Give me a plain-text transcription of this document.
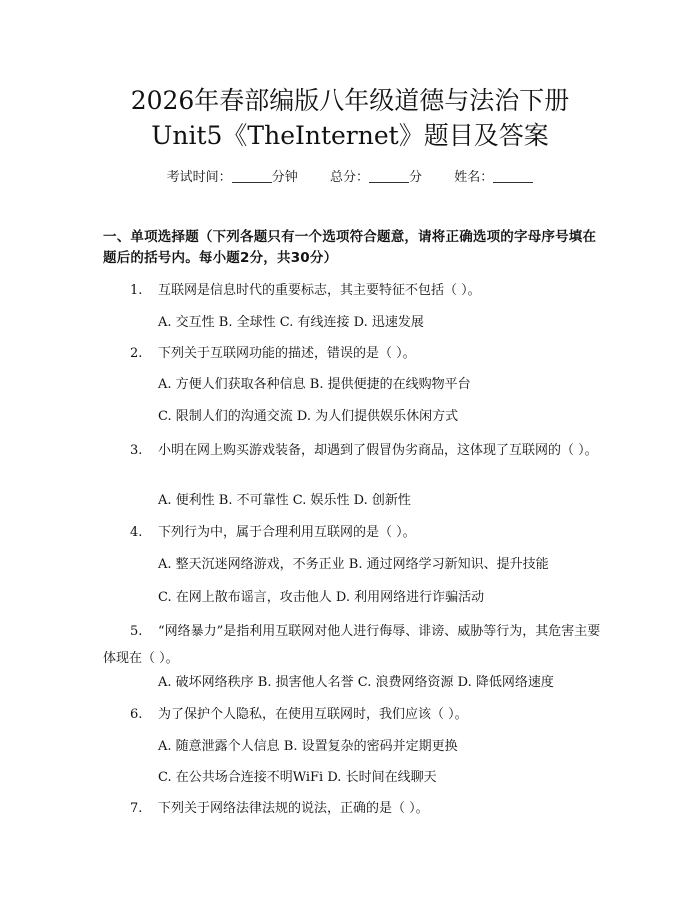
2026年春部编版八年级道德与法治下册
Unit5《TheInternet》题目及答案
考试时间：	分钟 总分：	分 姓名：
一、单项选择题（下列各题只有一个选项符合题意，请将正确选项的字母序号填在题后的括号内。每小题2分，共30分）
1. 互联网是信息时代的重要标志，其主要特征不包括（ ）。
A. 交互性 B. 全球性 C. 有线连接 D. 迅速发展
2. 下列关于互联网功能的描述，错误的是（ ）。
A. 方便人们获取各种信息 B. 提供便捷的在线购物平台
C. 限制人们的沟通交流 D. 为人们提供娱乐休闲方式
3. 小明在网上购买游戏装备，却遇到了假冒伪劣商品，这体现了互联网的（ ）。
A. 便利性 B. 不可靠性 C. 娱乐性 D. 创新性
4. 下列行为中，属于合理利用互联网的是（ ）。
A. 整天沉迷网络游戏，不务正业 B. 通过网络学习新知识、提升技能
C. 在网上散布谣言，攻击他人 D. 利用网络进行诈骗活动
5. “网络暴力”是指利用互联网对他人进行侮辱、诽谤、威胁等行为，其危害主要体现在（ ）。
A. 破坏网络秩序 B. 损害他人名誉 C. 浪费网络资源 D. 降低网络速度
6. 为了保护个人隐私，在使用互联网时，我们应该（ ）。
A. 随意泄露个人信息 B. 设置复杂的密码并定期更换
C. 在公共场合连接不明WiFi D. 长时间在线聊天
7. 下列关于网络法律法规的说法，正确的是（ ）。
